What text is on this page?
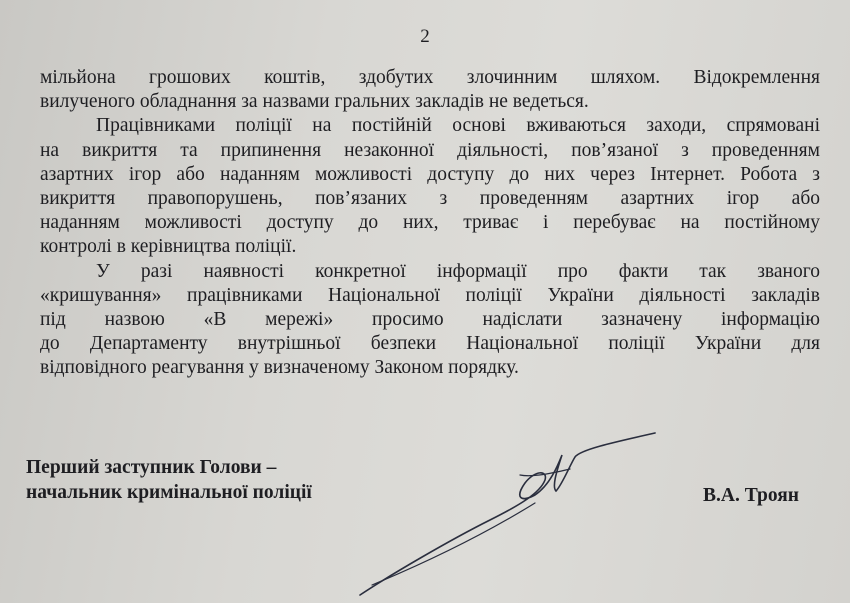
2
мільйона грошових коштів, здобутих злочинним шляхом. Відокремлення
вилученого обладнання за назвами гральних закладів не ведеться.
Працівниками поліції на постійній основі вживаються заходи, спрямовані
на викриття та припинення незаконної діяльності, пов’язаної з проведенням
азартних ігор або наданням можливості доступу до них через Інтернет. Робота з
викриття правопорушень, пов’язаних з проведенням азартних ігор або
наданням можливості доступу до них, триває і перебуває на постійному
контролі в керівництва поліції.
У разі наявності конкретної інформації про факти так званого
«кришування» працівниками Національної поліції України діяльності закладів
під назвою «В мережі» просимо надіслати зазначену інформацію
до Департаменту внутрішньої безпеки Національної поліції України для
відповідного реагування у визначеному Законом порядку.
Перший заступник Голови –
начальник кримінальної поліції	В.А. Троян
